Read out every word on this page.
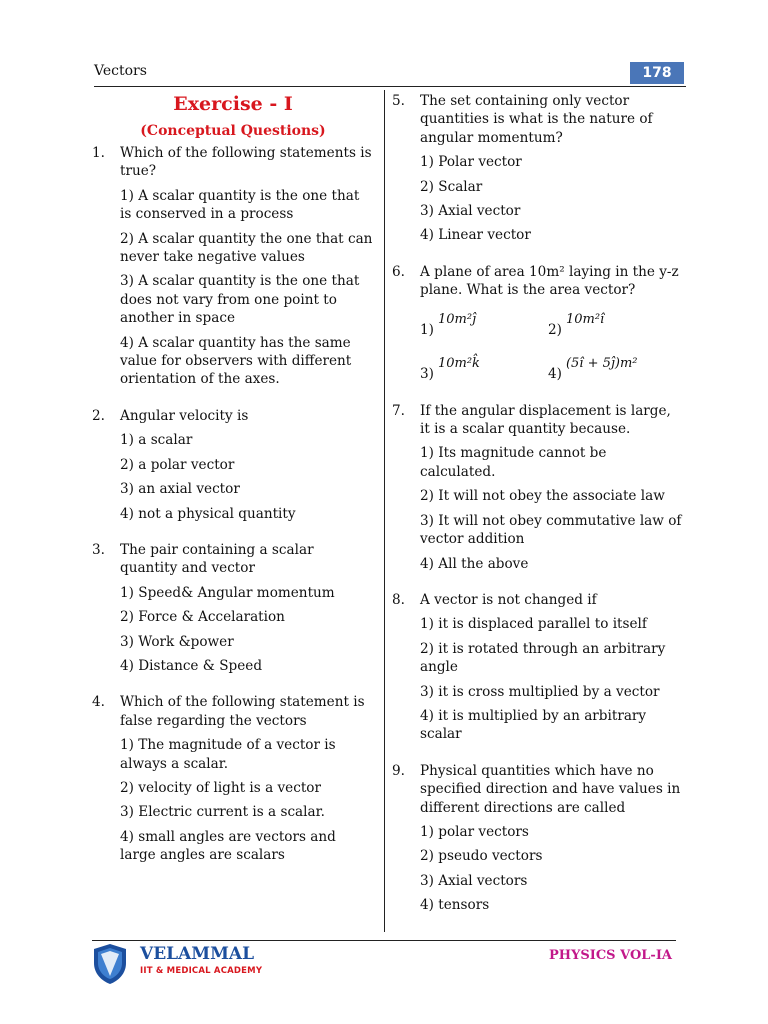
Vectors	178
Exercise - I
(Conceptual Questions)
1.	Which of the following statements is true?
1) A scalar quantity is the one that is conserved in a process
2) A scalar quantity the one that can never take negative values
3) A scalar quantity is the one that does not vary from one point to another in space
4) A scalar quantity has the same value for observers with different orientation of the axes.
2.	Angular velocity is
1) a scalar
2) a polar vector
3) an axial vector
4) not a physical quantity
3.	The pair containing a scalar quantity and vector
1) Speed& Angular momentum
2) Force & Accelaration
3) Work &power
4) Distance & Speed
4.	Which of the following statement is false regarding the vectors
1) The magnitude of a vector is always a scalar.
2) velocity of light is a vector
3) Electric current is a scalar.
4) small angles are vectors and large angles are scalars
5.	The set containing only vector quantities is what is the nature of angular momentum?
1) Polar vector
2) Scalar
3) Axial vector
4) Linear vector
6.	A plane of area 10m² laying in the y-z plane. What is the area vector?
1)
10m²ĵ
2)
10m²î
3)
10m²k̂
4)
(5î + 5ĵ)m²
7.	If the angular displacement is large, it is a scalar quantity because.
1) Its magnitude cannot be calculated.
2) It will not obey the associate law
3) It will not obey commutative law of vector addition
4) All the above
8.	A vector is not changed if
1) it is displaced parallel to itself
2) it is rotated through an arbitrary angle
3) it is cross multiplied by a vector
4) it is multiplied by an arbitrary scalar
9.	Physical quantities which have no specified direction and have values in different directions are called
1) polar vectors
2) pseudo vectors
3) Axial vectors
4) tensors
VELAMMAL
IIT & MEDICAL ACADEMY
PHYSICS VOL-IA
